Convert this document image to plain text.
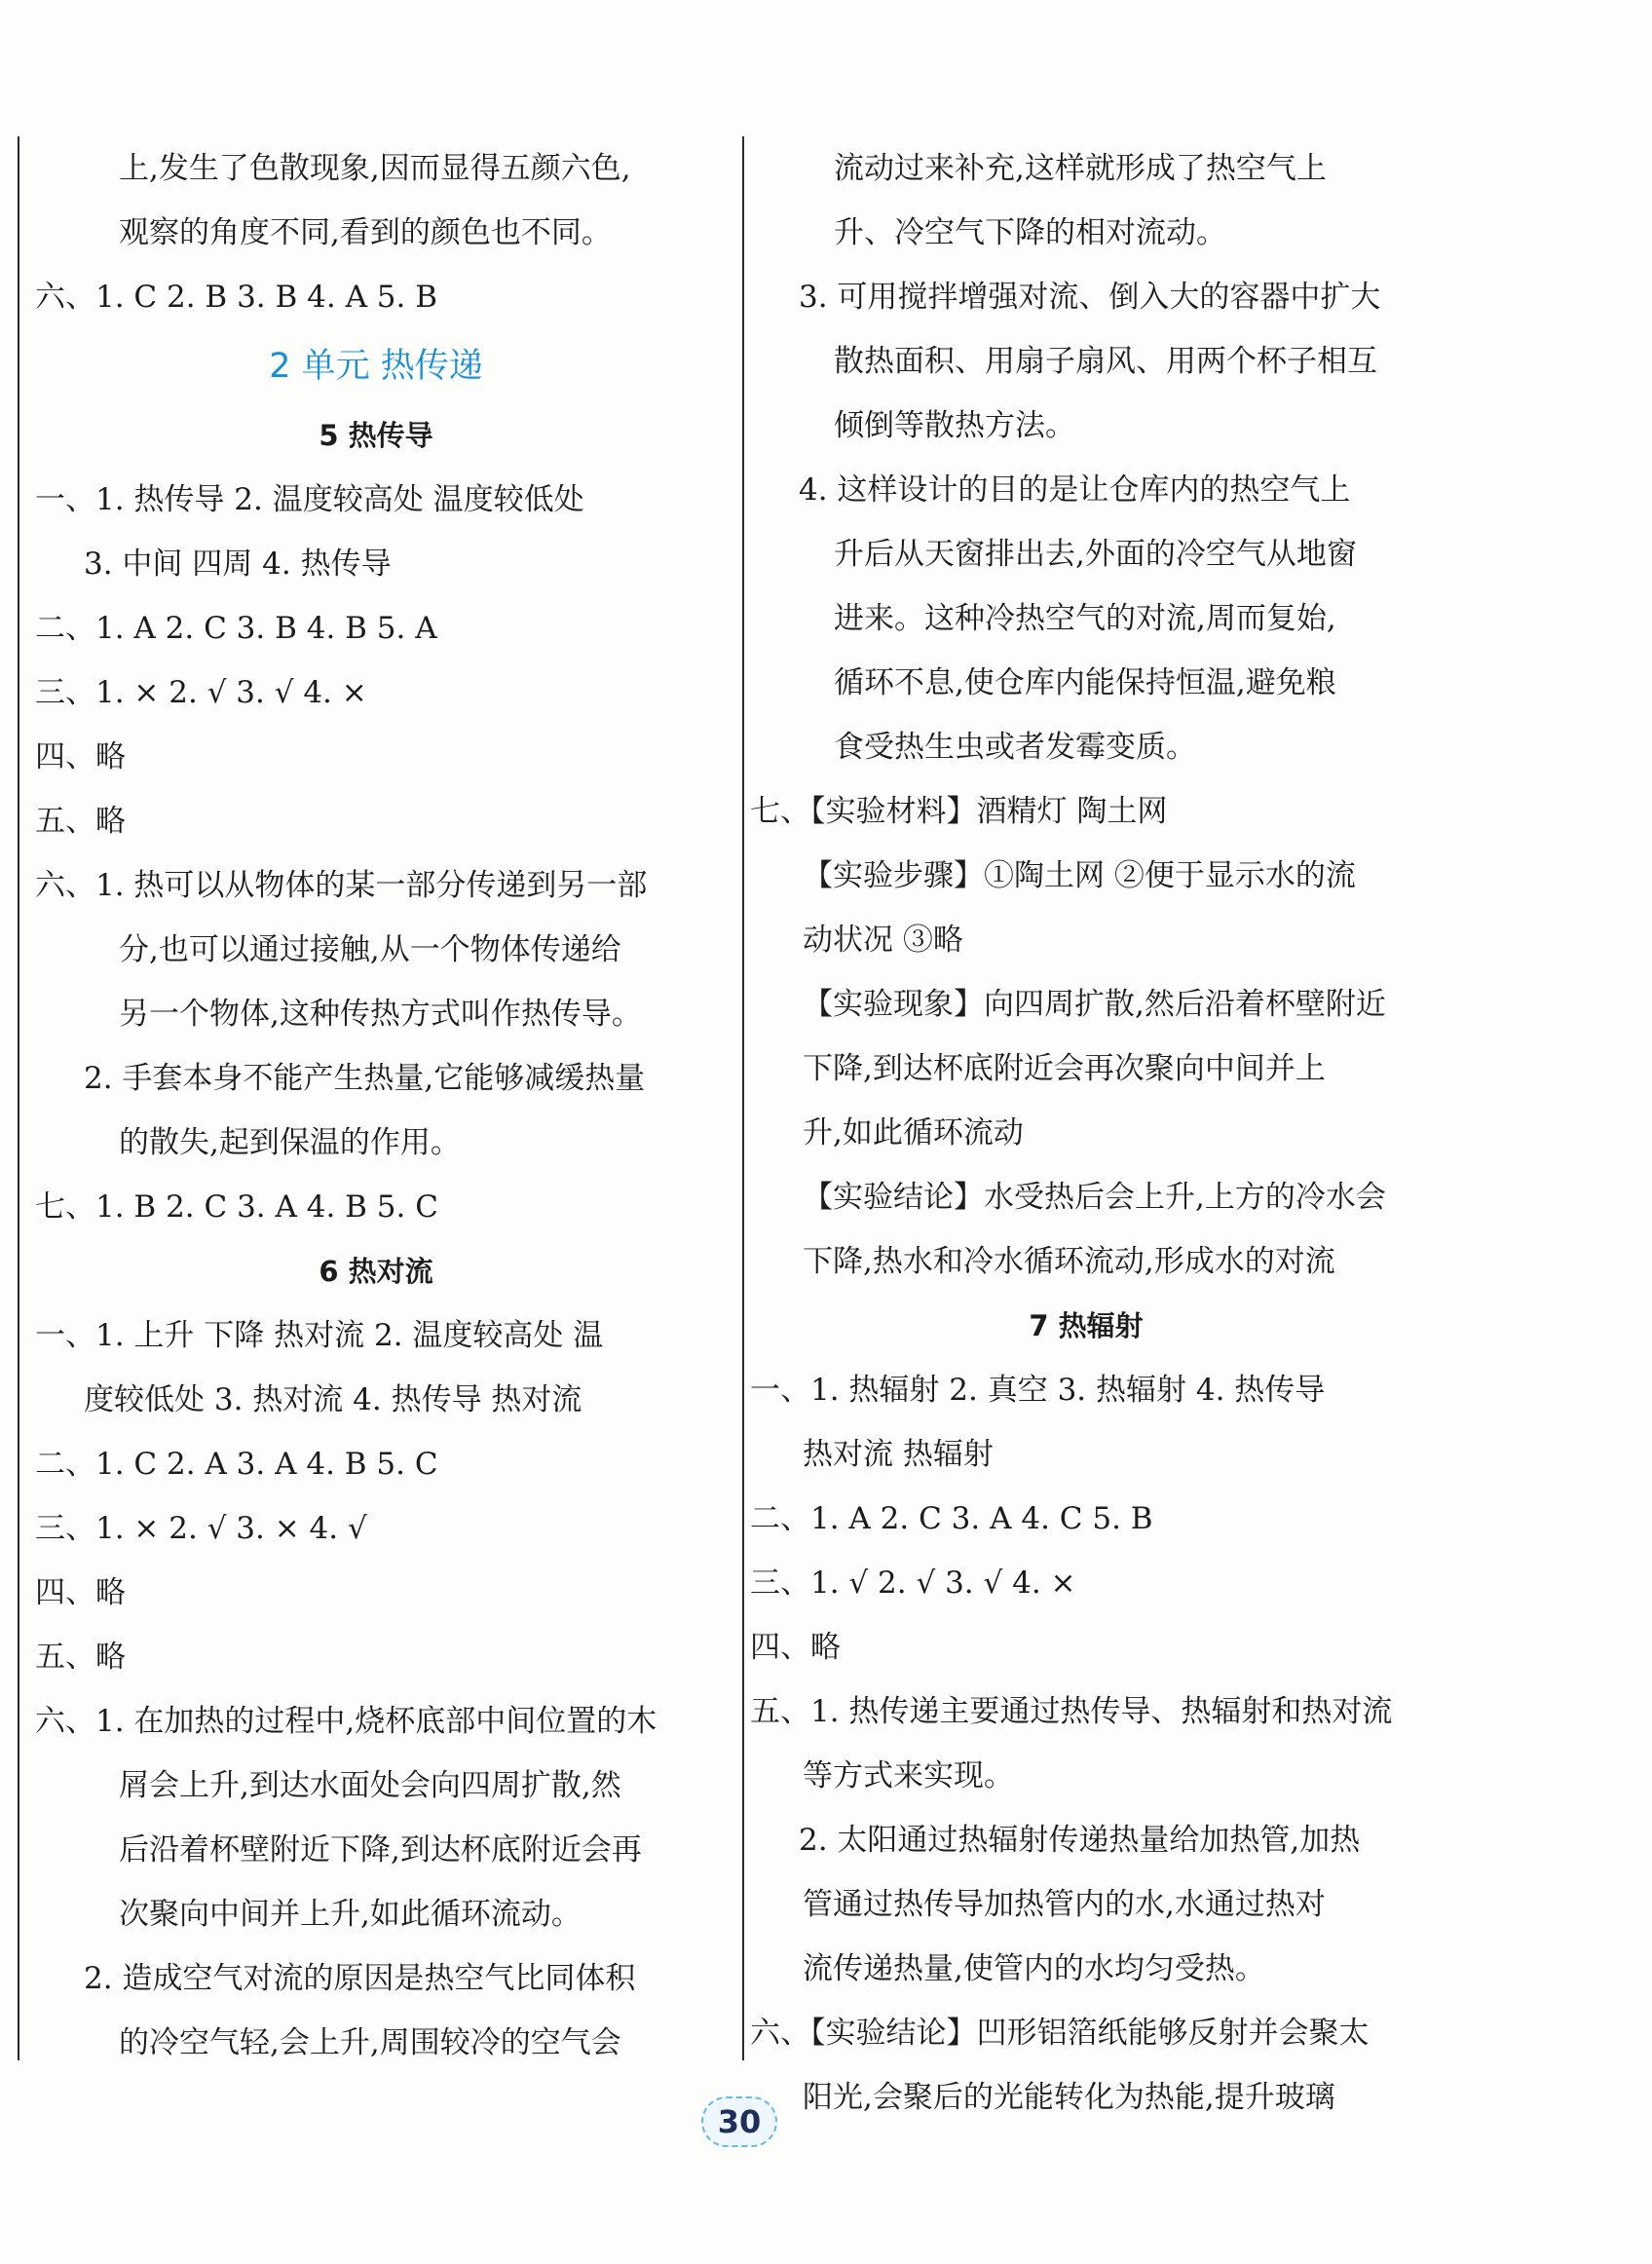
上,发生了色散现象,因而显得五颜六色,
观察的角度不同,看到的颜色也不同。
六、1. C 2. B 3. B 4. A 5. B
2 单元 热传递
5 热传导
一、1. 热传导 2. 温度较高处 温度较低处
3. 中间 四周 4. 热传导
二、1. A 2. C 3. B 4. B 5. A
三、1. × 2. √ 3. √ 4. ×
四、略
五、略
六、1. 热可以从物体的某一部分传递到另一部
分,也可以通过接触,从一个物体传递给
另一个物体,这种传热方式叫作热传导。
2. 手套本身不能产生热量,它能够减缓热量
的散失,起到保温的作用。
七、1. B 2. C 3. A 4. B 5. C
6 热对流
一、1. 上升 下降 热对流 2. 温度较高处 温
度较低处 3. 热对流 4. 热传导 热对流
二、1. C 2. A 3. A 4. B 5. C
三、1. × 2. √ 3. × 4. √
四、略
五、略
六、1. 在加热的过程中,烧杯底部中间位置的木
屑会上升,到达水面处会向四周扩散,然
后沿着杯壁附近下降,到达杯底附近会再
次聚向中间并上升,如此循环流动。
2. 造成空气对流的原因是热空气比同体积
的冷空气轻,会上升,周围较冷的空气会
流动过来补充,这样就形成了热空气上
升、冷空气下降的相对流动。
3. 可用搅拌增强对流、倒入大的容器中扩大
散热面积、用扇子扇风、用两个杯子相互
倾倒等散热方法。
4. 这样设计的目的是让仓库内的热空气上
升后从天窗排出去,外面的冷空气从地窗
进来。这种冷热空气的对流,周而复始,
循环不息,使仓库内能保持恒温,避免粮
食受热生虫或者发霉变质。
七、【实验材料】酒精灯 陶土网
【实验步骤】①陶土网 ②便于显示水的流
动状况 ③略
【实验现象】向四周扩散,然后沿着杯壁附近
下降,到达杯底附近会再次聚向中间并上
升,如此循环流动
【实验结论】水受热后会上升,上方的冷水会
下降,热水和冷水循环流动,形成水的对流
7 热辐射
一、1. 热辐射 2. 真空 3. 热辐射 4. 热传导
热对流 热辐射
二、1. A 2. C 3. A 4. C 5. B
三、1. √ 2. √ 3. √ 4. ×
四、略
五、1. 热传递主要通过热传导、热辐射和热对流
等方式来实现。
2. 太阳通过热辐射传递热量给加热管,加热
管通过热传导加热管内的水,水通过热对
流传递热量,使管内的水均匀受热。
六、【实验结论】凹形铝箔纸能够反射并会聚太
阳光,会聚后的光能转化为热能,提升玻璃
30
